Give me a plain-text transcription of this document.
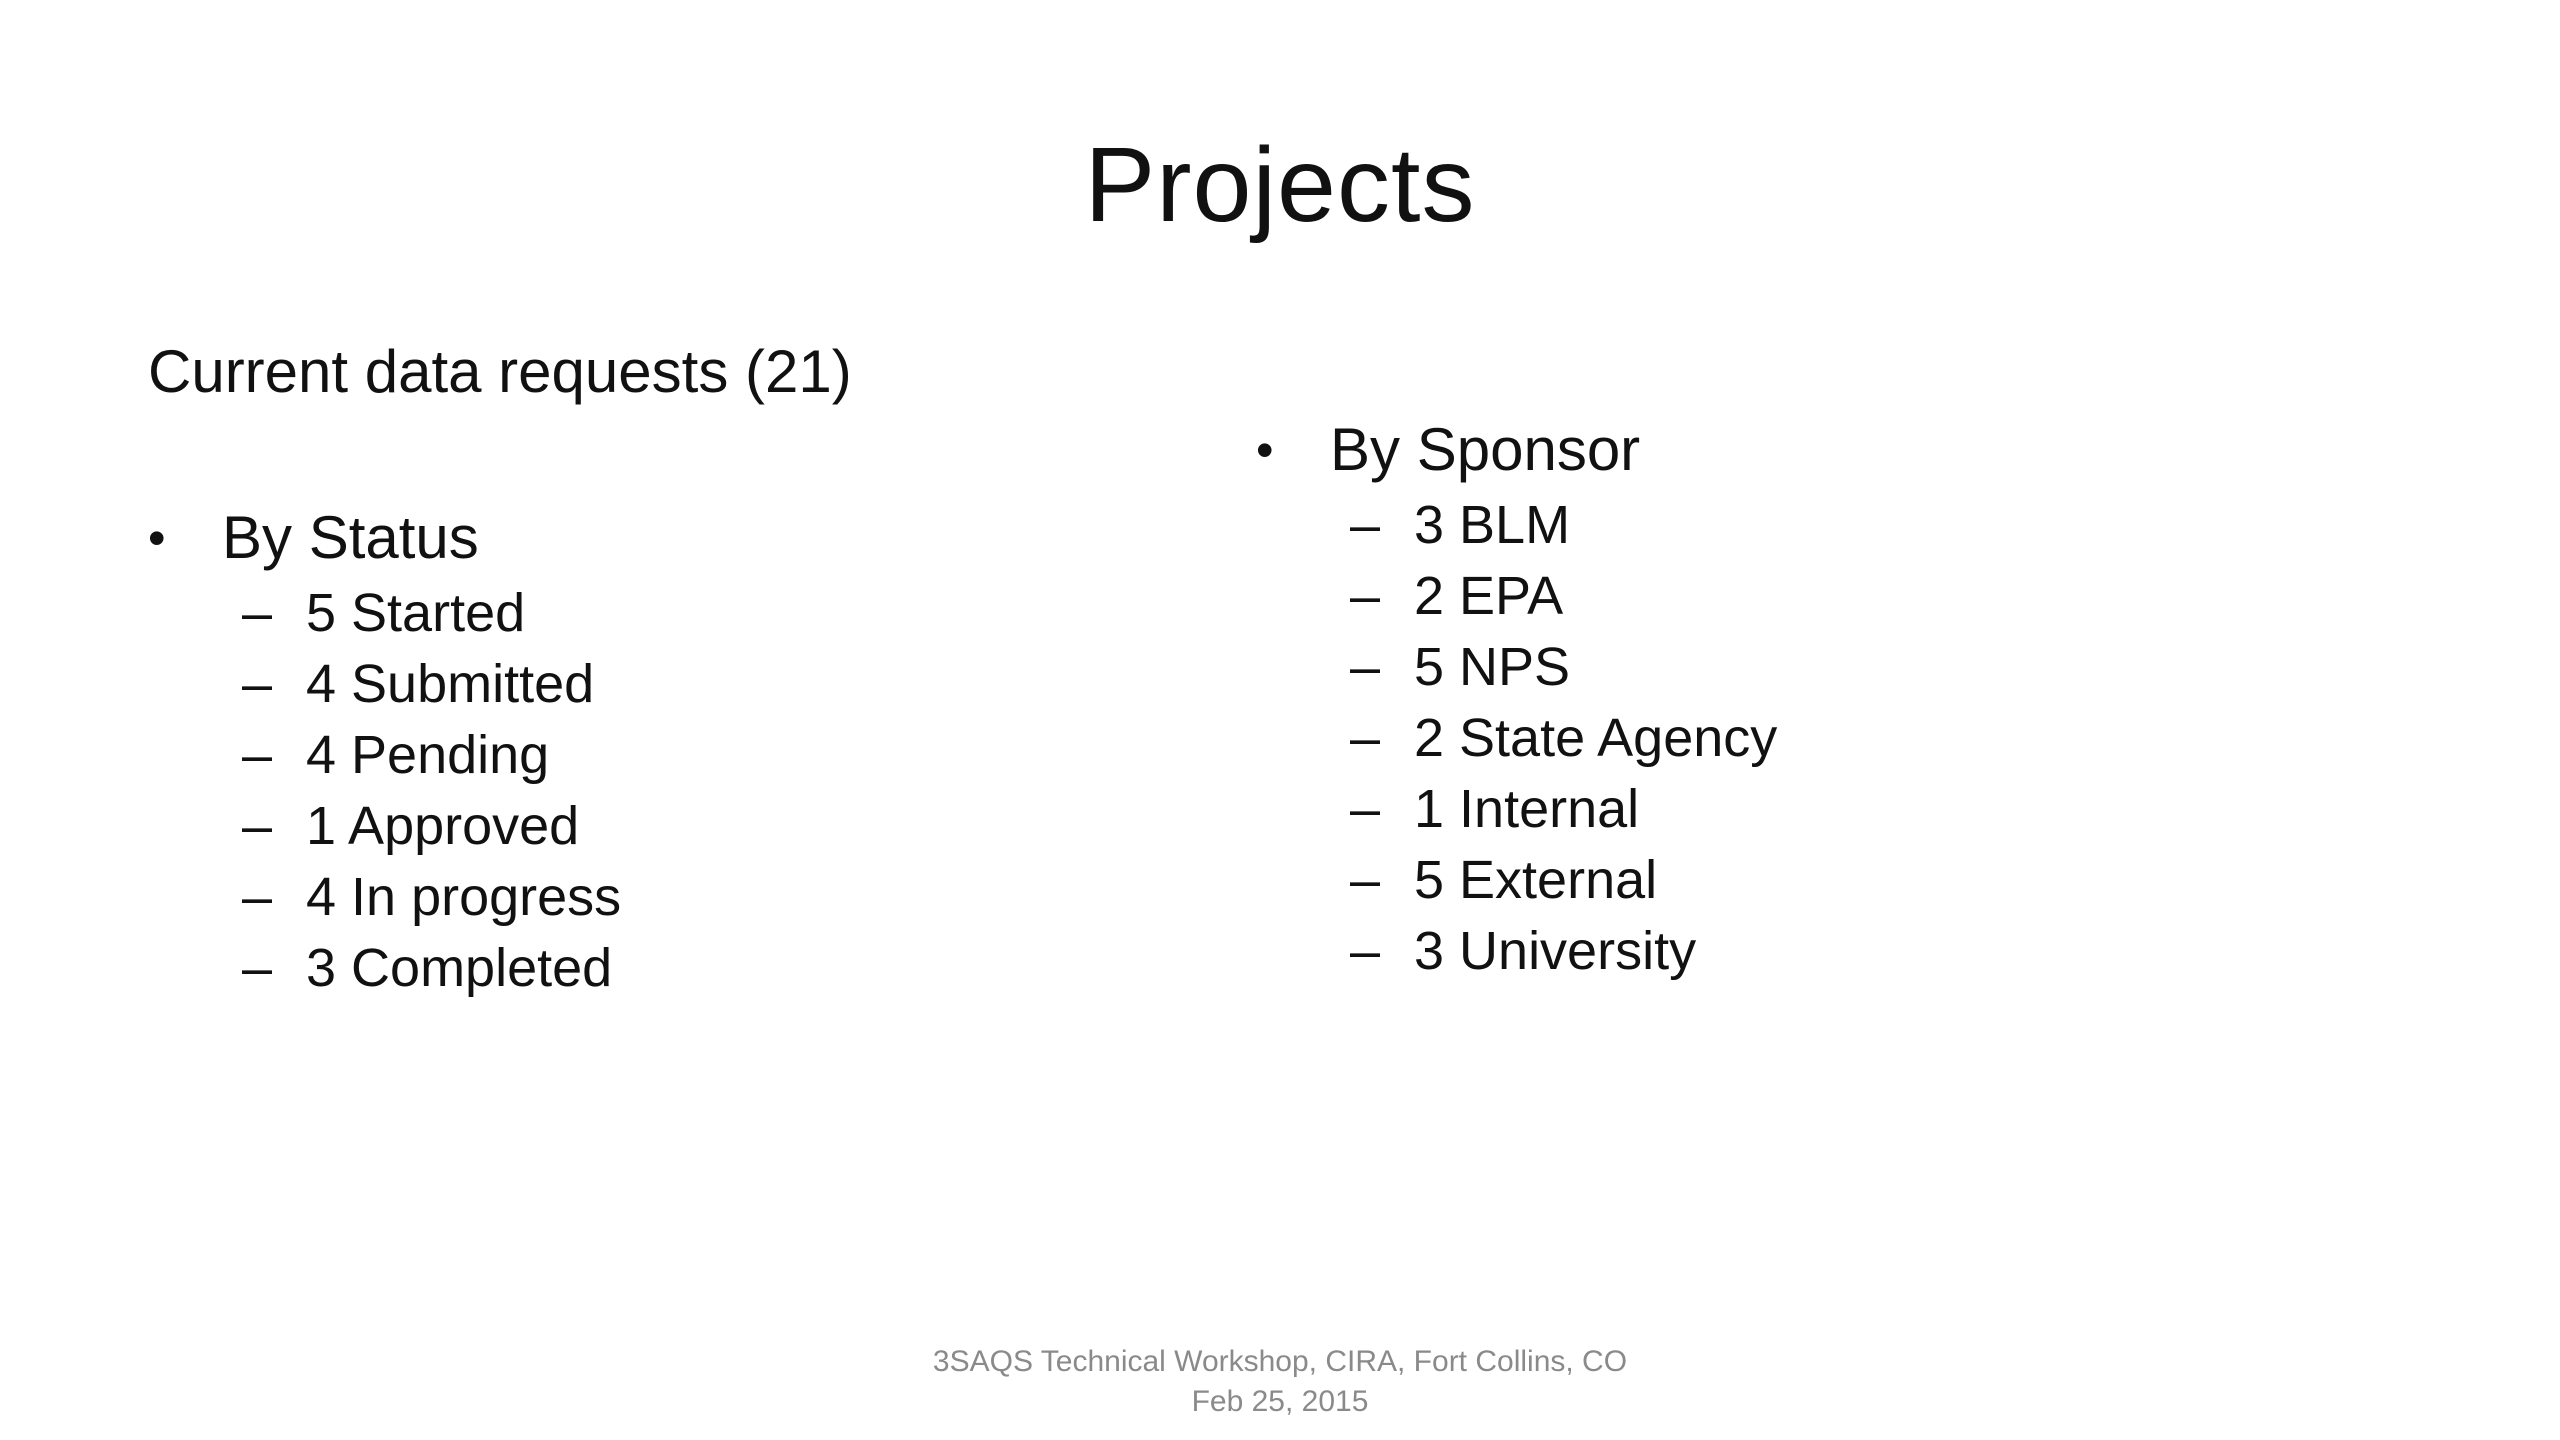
Projects
Current data requests (21)
• By Status
– 5 Started
– 4 Submitted
– 4 Pending
– 1 Approved
– 4 In progress
– 3 Completed
• By Sponsor
– 3 BLM
– 2 EPA
– 5 NPS
– 2 State Agency
– 1 Internal
– 5 External
– 3 University
3SAQS Technical Workshop, CIRA, Fort Collins, CO
Feb 25, 2015
